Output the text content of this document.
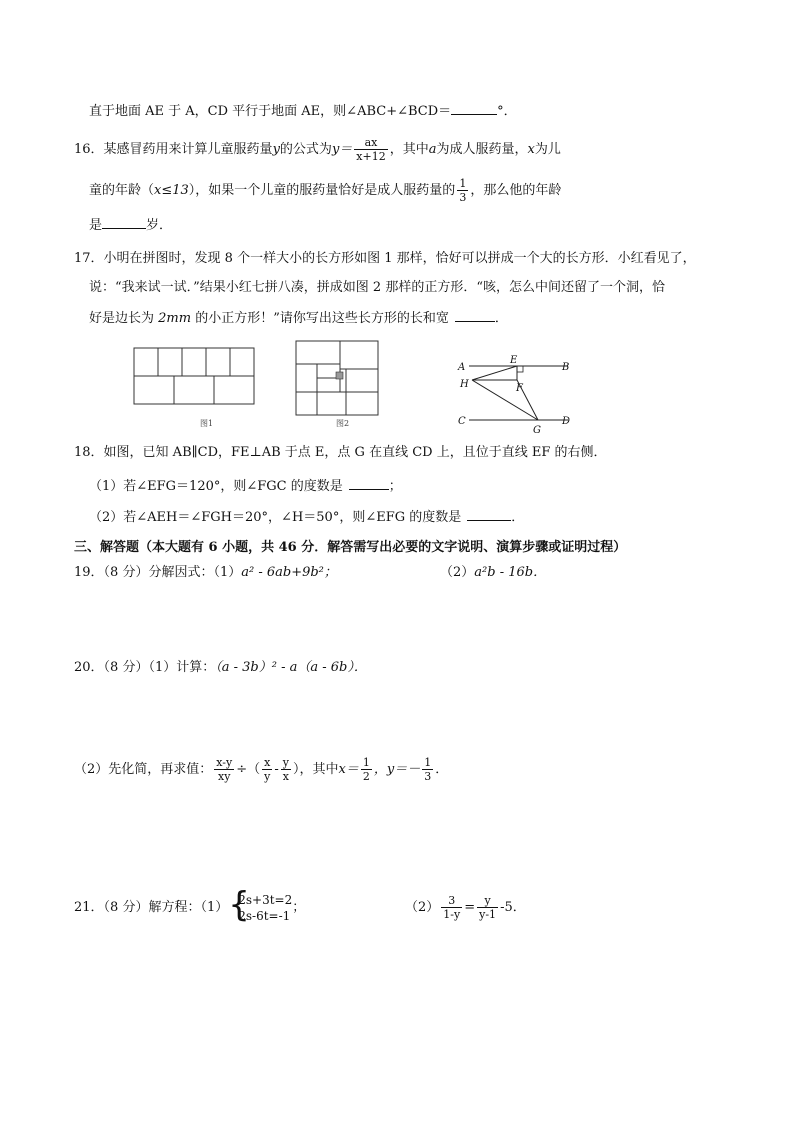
直于地面 AE 于 A，CD 平行于地面 AE，则∠ABC+∠BCD＝	°．
16．某感冒药用来计算儿童服药量y的公式为$y= \frac{ax}{x+12}$ ，其中a为成人服药量，x为儿
童的年龄（x≤13），如果一个儿童的服药量恰好是成人服药量的 $\frac{1}{3}$ ，那么他的年龄
是	岁．
17．小明在拼图时，发现 8 个一样大小的长方形如图 1 那样，恰好可以拼成一个大的长方形．小红看见了，
说：“我来试一试．”结果小红七拼八凑，拼成如图 2 那样的正方形．“咳，怎么中间还留了一个洞，恰
好是边长为 2mm 的小正方形！”请你写出这些长方形的长和宽	．
图1	图2
A
E
B
H	F
C
G
D
18．如图，已知 AB∥CD，FE⊥AB 于点 E，点 G 在直线 CD 上，且位于直线 EF 的右侧．
（1）若∠EFG＝120°，则∠FGC 的度数是	；
（2）若∠AEH＝∠FGH＝20°，∠H＝50°，则∠EFG 的度数是	．
三、解答题（本大题有 6 小题，共 46 分．解答需写出必要的文字说明、演算步骤或证明过程）
19．（8 分）分解因式：（1）a² - 6ab+9b²；	（2）a²b - 16b．
20．（8 分）（1）计算：（a - 3b）² - a（a - 6b）．
（2）先化简，再求值： $\frac{x-y}{xy}$ ÷（ $\frac{x}{y} - \frac{y}{x}$ ），其中$x= \frac{1}{2}$ ，$y=- \frac{1}{3}$ ．
21．（8 分）解方程：（1） {
2s+3t=2
2s-6t=-1
；	$(2) \frac{3}{1-y} = \frac{y}{y-1} -5$．
